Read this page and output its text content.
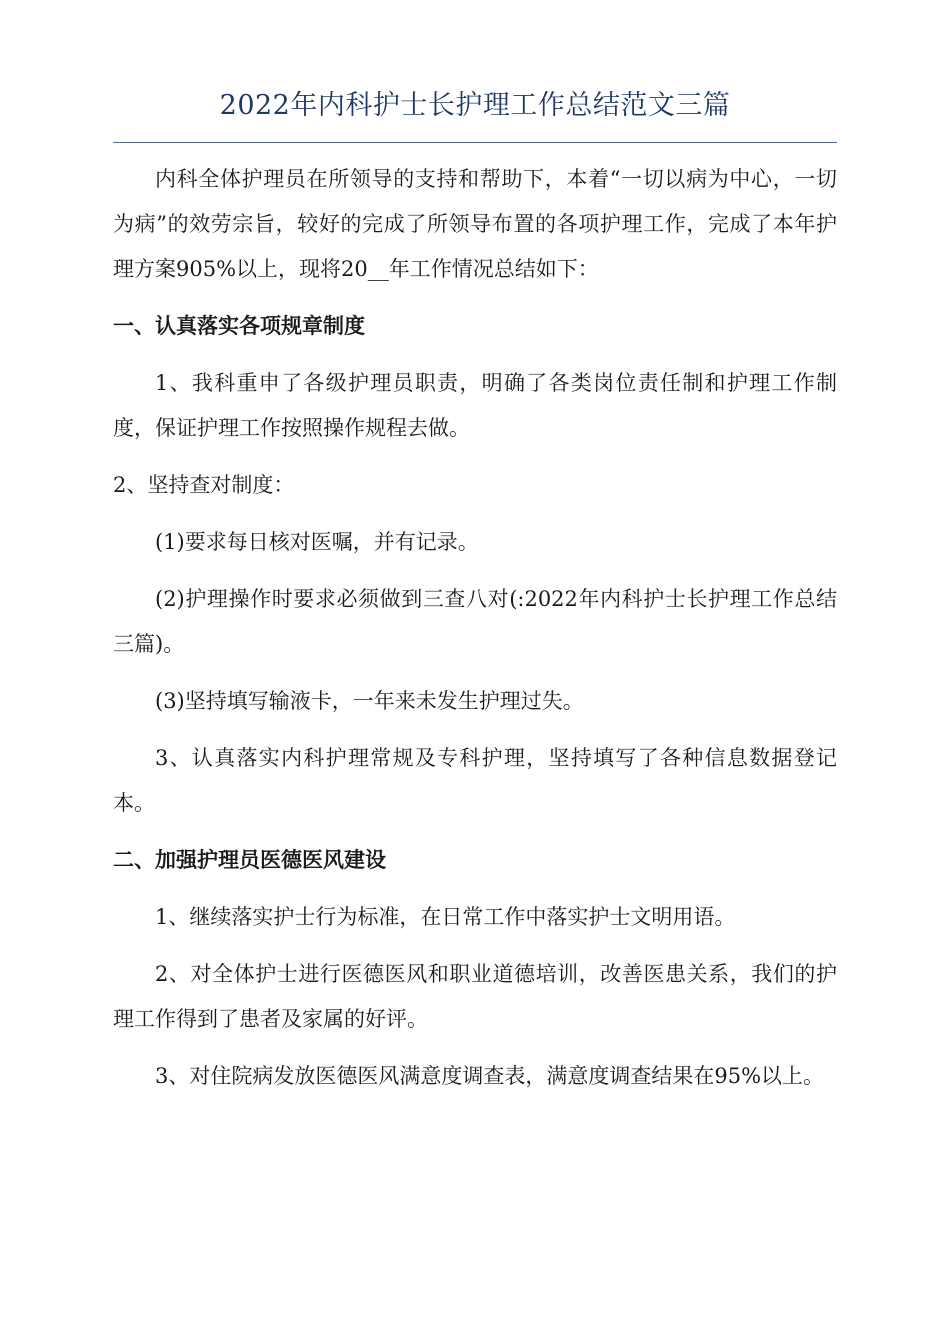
2022年内科护士长护理工作总结范文三篇

内科全体护理员在所领导的支持和帮助下，本着“一切以病为中心，一切为病”的效劳宗旨，较好的完成了所领导布置的各项护理工作，完成了本年护理方案905%以上，现将20__年工作情况总结如下：

一、认真落实各项规章制度

1、我科重申了各级护理员职责，明确了各类岗位责任制和护理工作制度，保证护理工作按照操作规程去做。

2、坚持查对制度：

(1)要求每日核对医嘱，并有记录。

(2)护理操作时要求必须做到三查八对(:2022年内科护士长护理工作总结三篇)。

(3)坚持填写输液卡，一年来未发生护理过失。

3、认真落实内科护理常规及专科护理，坚持填写了各种信息数据登记本。

二、加强护理员医德医风建设

1、继续落实护士行为标准，在日常工作中落实护士文明用语。

2、对全体护士进行医德医风和职业道德培训，改善医患关系，我们的护理工作得到了患者及家属的好评。

3、对住院病发放医德医风满意度调查表，满意度调查结果在95%以上。
